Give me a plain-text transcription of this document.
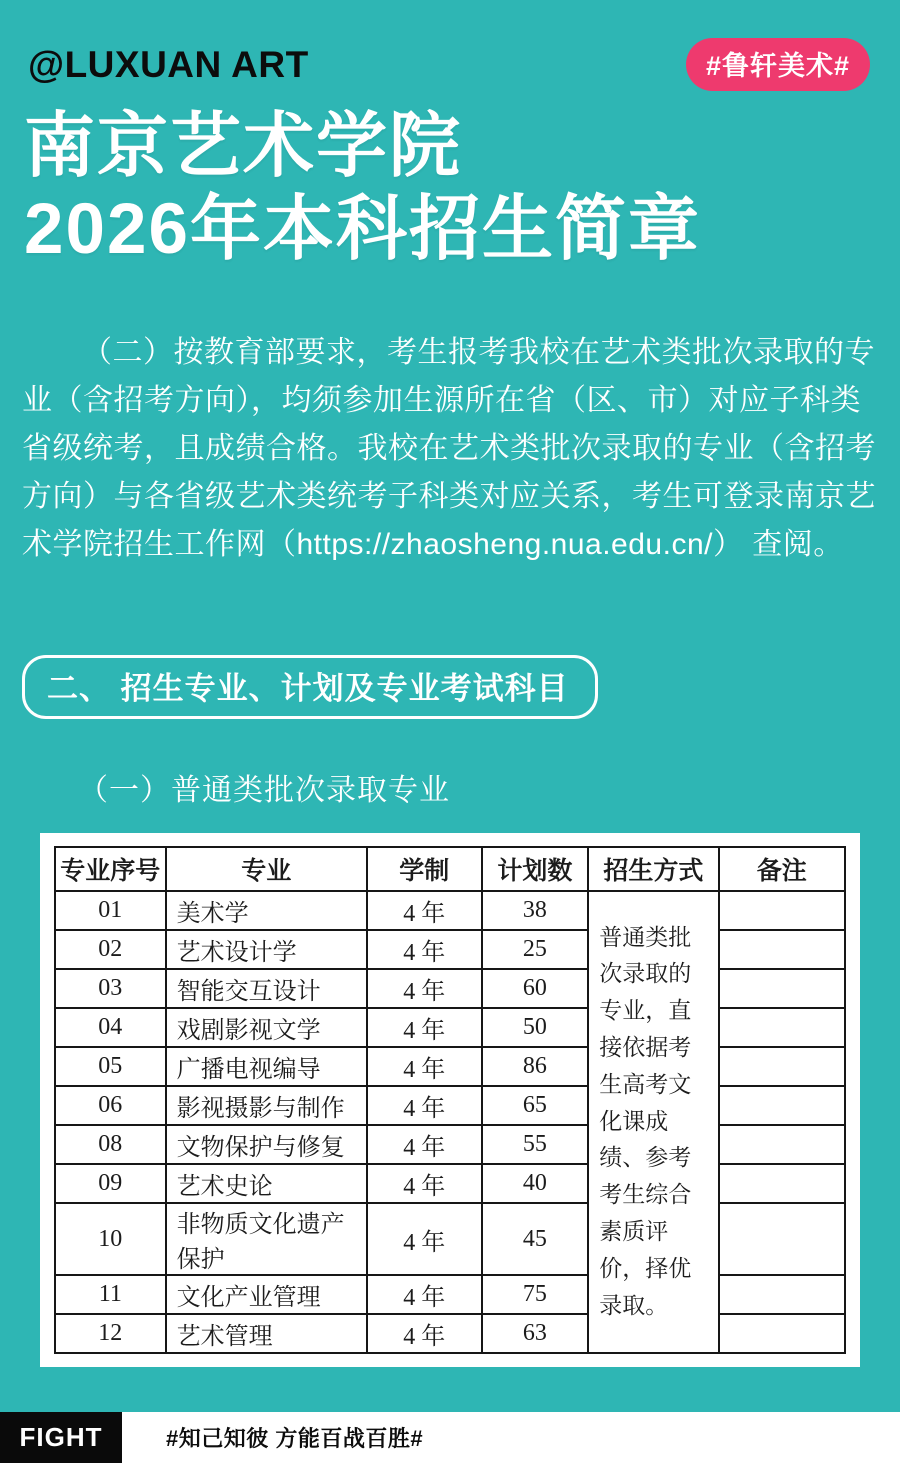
@LUXUAN ART	#鲁轩美术#
南京艺术学院
2026年本科招生简章

（二）按教育部要求，考生报考我校在艺术类批次录取的专业（含招考方向），均须参加生源所在省（区、市）对应子科类省级统考，且成绩合格。我校在艺术类批次录取的专业（含招考方向）与各省级艺术类统考子科类对应关系，考生可登录南京艺术学院招生工作网（https://zhaosheng.nua.edu.cn/） 查阅。

二、 招生专业、计划及专业考试科目
（一）普通类批次录取专业
专业序号	专业	学制	计划数	招生方式	备注
01	美术学	4 年	38	普通类批次录取的专业，直接依据考生高考文化课成绩、参考考生综合素质评价，择优录取。	
02	艺术设计学	4 年	25		
03	智能交互设计	4 年	60		
04	戏剧影视文学	4 年	50		
05	广播电视编导	4 年	86		
06	影视摄影与制作	4 年	65		
08	文物保护与修复	4 年	55		
09	艺术史论	4 年	40		
10	非物质文化遗产保护	4 年	45		
11	文化产业管理	4 年	75		
12	艺术管理	4 年	63		
FIGHT	#知己知彼 方能百战百胜#
